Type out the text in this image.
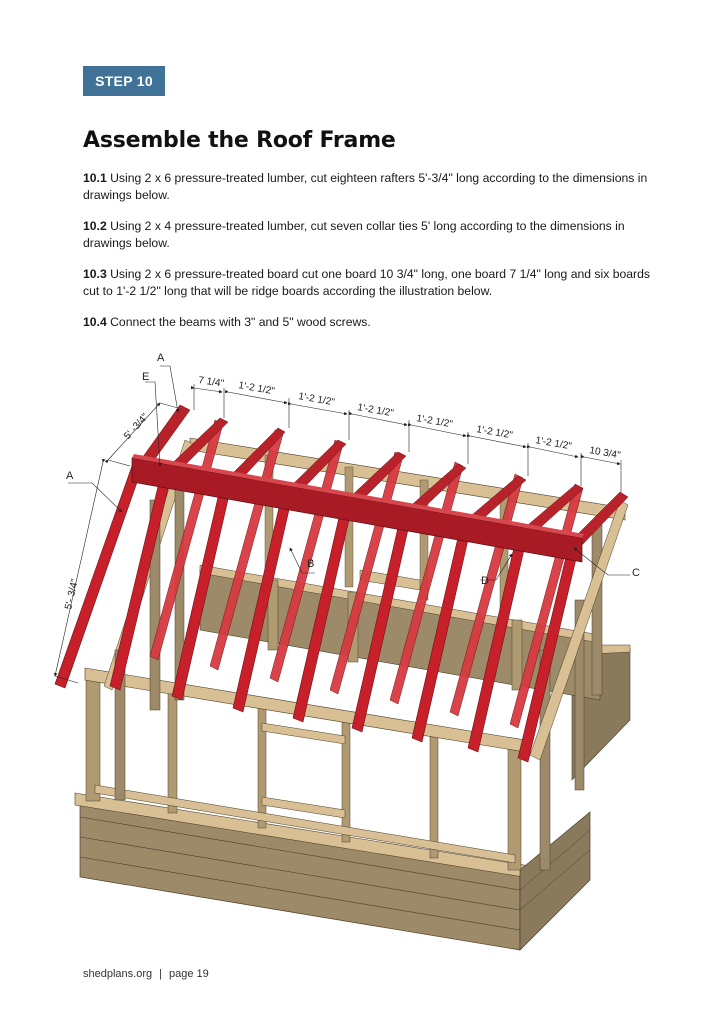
STEP 10
Assemble the Roof Frame

10.1 Using 2 x 6 pressure-treated lumber, cut eighteen rafters 5'-3/4" long according to the dimensions in drawings below.

10.2 Using 2 x 4 pressure-treated lumber, cut seven collar ties 5' long according to the dimensions in drawings below.

10.3 Using 2 x 6 pressure-treated board cut one board 10 3/4" long, one board 7 1/4" long and six boards cut to 1'-2 1/2" long that will be ridge boards according the illustration below.

10.4 Connect the beams with 3" and 5" wood screws.

A
E
A
B
C
D
5' -3/4"
5'- 3/4"
7 1/4" 1'-2 1/2"
1'-2 1/2"
1'-2 1/2"
1'-2 1/2"
1'-2 1/2"
1'-2 1/2"
10 3/4"
shedplans.org | page 19
